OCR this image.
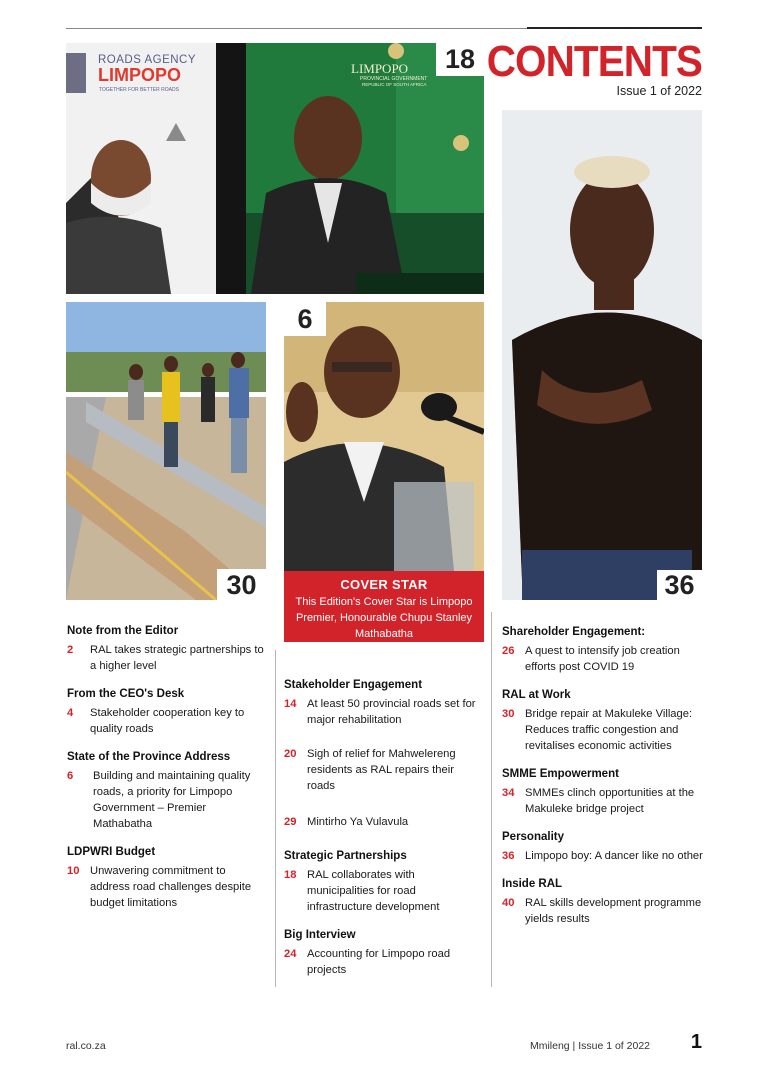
ROADS AGENCY
LIMPOPO
TOGETHER FOR BETTER ROADS
LIMPOPO
PROVINCIAL GOVERNMENT
REPUBLIC OF SOUTH AFRICA
18 CONTENTS
Issue 1 of 2022
36
30
6
COVER STAR
This Edition's Cover Star is Limpopo Premier, Honourable Chupu Stanley Mathabatha
Note from the Editor
2	RAL takes strategic partnerships to a higher level
From the CEO's Desk
4	Stakeholder cooperation key to quality roads
State of the Province Address
6	Building and maintaining quality roads, a priority for Limpopo Government – Premier Mathabatha
LDPWRI Budget
10 Unwavering commitment to address road challenges despite budget limitations
Stakeholder Engagement
14 At least 50 provincial roads set for major rehabilitation
20 Sigh of relief for Mahwelereng residents as RAL repairs their roads
29 Mintirho Ya Vulavula
Strategic Partnerships
18 RAL collaborates with municipalities for road infrastructure development
Big Interview
24 Accounting for Limpopo road projects
Shareholder Engagement:
26 A quest to intensify job creation efforts post COVID 19
RAL at Work
30 Bridge repair at Makuleke Village: Reduces traffic congestion and revitalises economic activities
SMME Empowerment
34 SMMEs clinch opportunities at the Makuleke bridge project
Personality
36 Limpopo boy: A dancer like no other
Inside RAL
40 RAL skills development programme yields results
ral.co.za	Mmileng | Issue 1 of 2022 1
